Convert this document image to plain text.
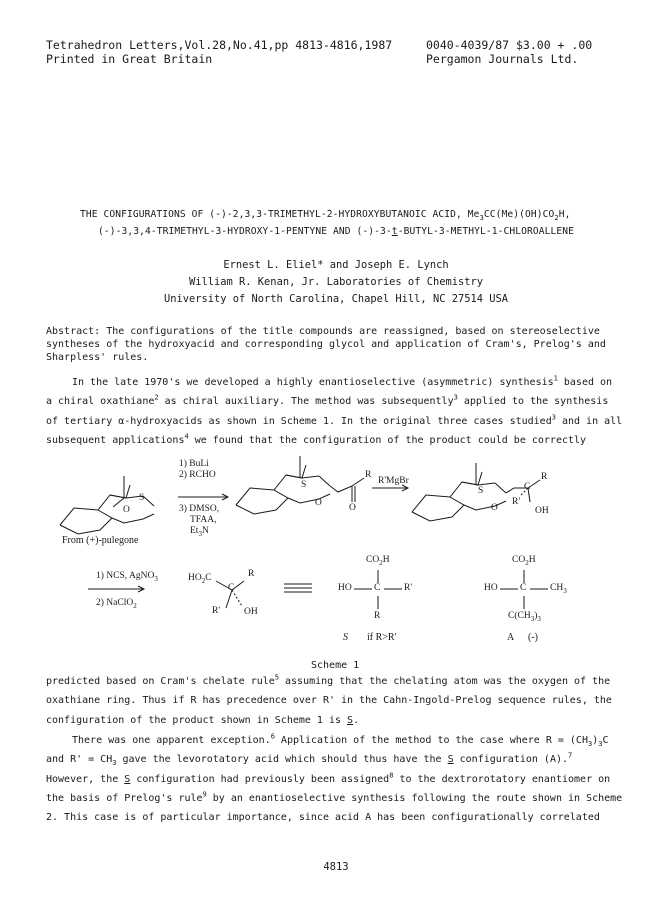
Tetrahedron Letters,Vol.28,No.41,pp 4813-4816,1987
Printed in Great Britain
0040-4039/87 $3.00 + .00
Pergamon Journals Ltd.
THE CONFIGURATIONS OF (-)-2,3,3-TRIMETHYL-2-HYDROXYBUTANOIC ACID, $Me_3CC(Me)(OH)CO_2H$,
(-)-3,3,4-TRIMETHYL-3-HYDROXY-1-PENTYNE AND (-)-3-t-BUTYL-3-METHYL-1-CHLOROALLENE
Ernest L. Eliel* and Joseph E. Lynch
William R. Kenan, Jr. Laboratories of Chemistry
University of North Carolina, Chapel Hill, NC 27514 USA
Abstract: The configurations of the title compounds are reassigned, based on stereoselective
syntheses of the hydroxyacid and corresponding glycol and application of Cram's, Prelog's and
Sharpless' rules.
In the late 1970's we developed a highly enantioselective (asymmetric) synthesis$^1$ based on
a chiral oxathiane$^2$ as chiral auxiliary. The method was subsequently$^3$ applied to the synthesis
of tertiary α-hydroxyacids as shown in Scheme 1. In the original three cases studied$^3$ and in all
subsequent applications$^4$ we found that the configuration of the product could be correctly
1) BuLi
2) RCHO
3) DMSO,
TFAA,
$Et_3N$
R'MgBr
From (+)-pulegone
S
O
S
O	O
R
S
O
C
R
R'
OH
1) NCS, AgNO$_3$
2) NaClO$_2$
$HO_2C$	R
C
R'	OH
$CO_2H$
HO C R'
R
$CO_2H$
HO C $CH_3$
$C(CH_3)_3$
S if R>R'	A (-)
Scheme 1
predicted based on Cram's chelate rule$^5$ assuming that the chelating atom was the oxygen of the
oxathiane ring. Thus if R has precedence over R' in the Cahn-Ingold-Prelog sequence rules, the
configuration of the product shown in Scheme 1 is S.
There was one apparent exception.$^6$ Application of the method to the case where $R = (CH_3)_3C$
and $R' = CH_3$ gave the levorotatory acid which should thus have the S configuration (A).$^7$
However, the S configuration had previously been assigned$^8$ to the dextrorotatory enantiomer on
the basis of Prelog's rule$^9$ by an enantioselective synthesis following the route shown in Scheme
2. This case is of particular importance, since acid A has been configurationally correlated
4813
